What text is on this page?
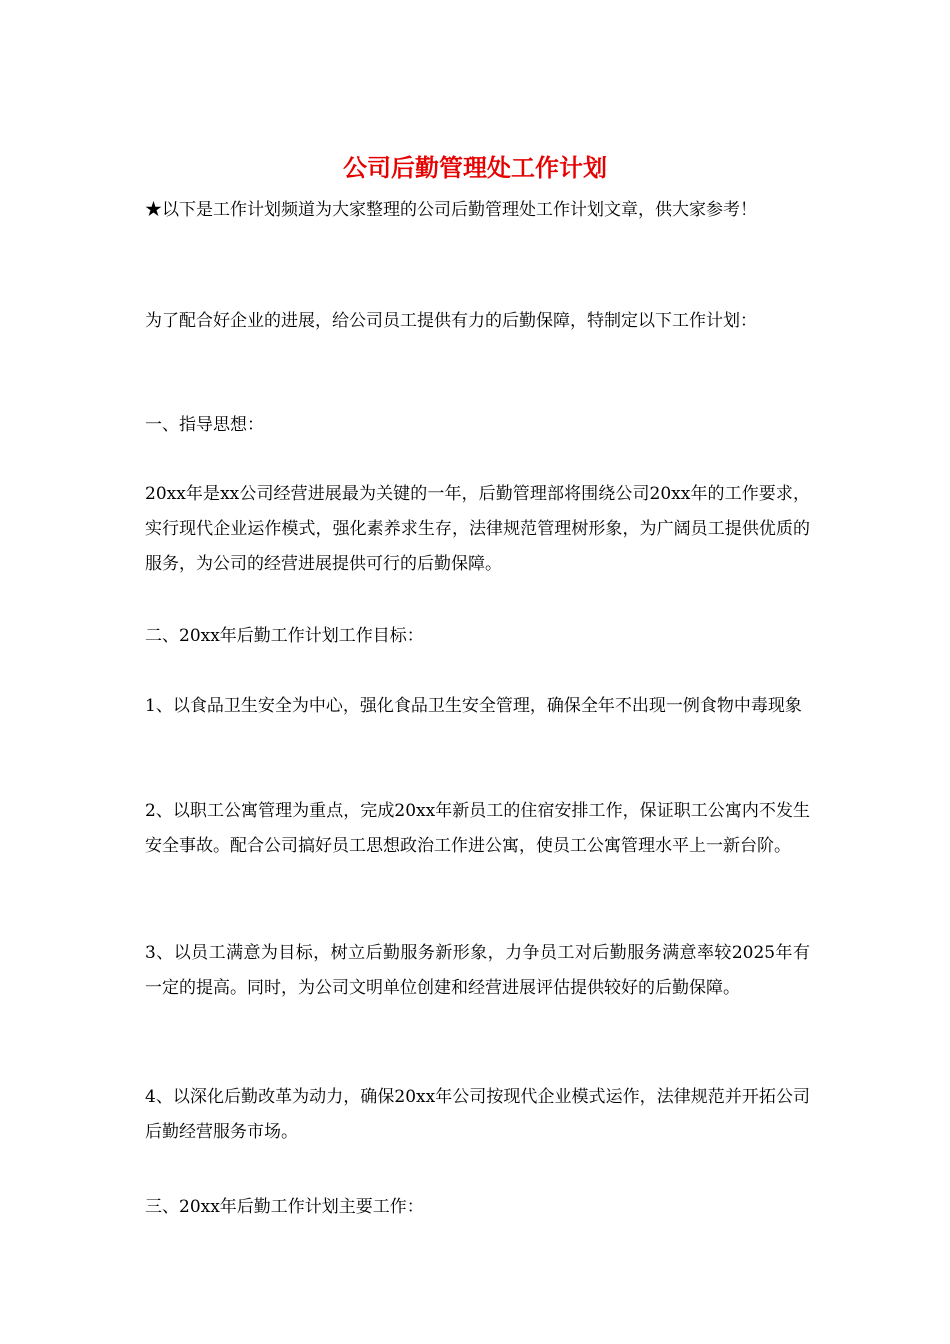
公司后勤管理处工作计划

★以下是工作计划频道为大家整理的公司后勤管理处工作计划文章，供大家参考！

为了配合好企业的进展，给公司员工提供有力的后勤保障，特制定以下工作计划：

一、指导思想：

20xx年是xx公司经营进展最为关键的一年，后勤管理部将围绕公司20xx年的工作要求，实行现代企业运作模式，强化素养求生存，法律规范管理树形象，为广阔员工提供优质的服务，为公司的经营进展提供可行的后勤保障。

二、20xx年后勤工作计划工作目标：

1、以食品卫生安全为中心，强化食品卫生安全管理，确保全年不出现一例食物中毒现象

2、以职工公寓管理为重点，完成20xx年新员工的住宿安排工作，保证职工公寓内不发生安全事故。配合公司搞好员工思想政治工作进公寓，使员工公寓管理水平上一新台阶。

3、以员工满意为目标，树立后勤服务新形象，力争员工对后勤服务满意率较2025年有一定的提高。同时，为公司文明单位创建和经营进展评估提供较好的后勤保障。

4、以深化后勤改革为动力，确保20xx年公司按现代企业模式运作，法律规范并开拓公司后勤经营服务市场。

三、20xx年后勤工作计划主要工作：
